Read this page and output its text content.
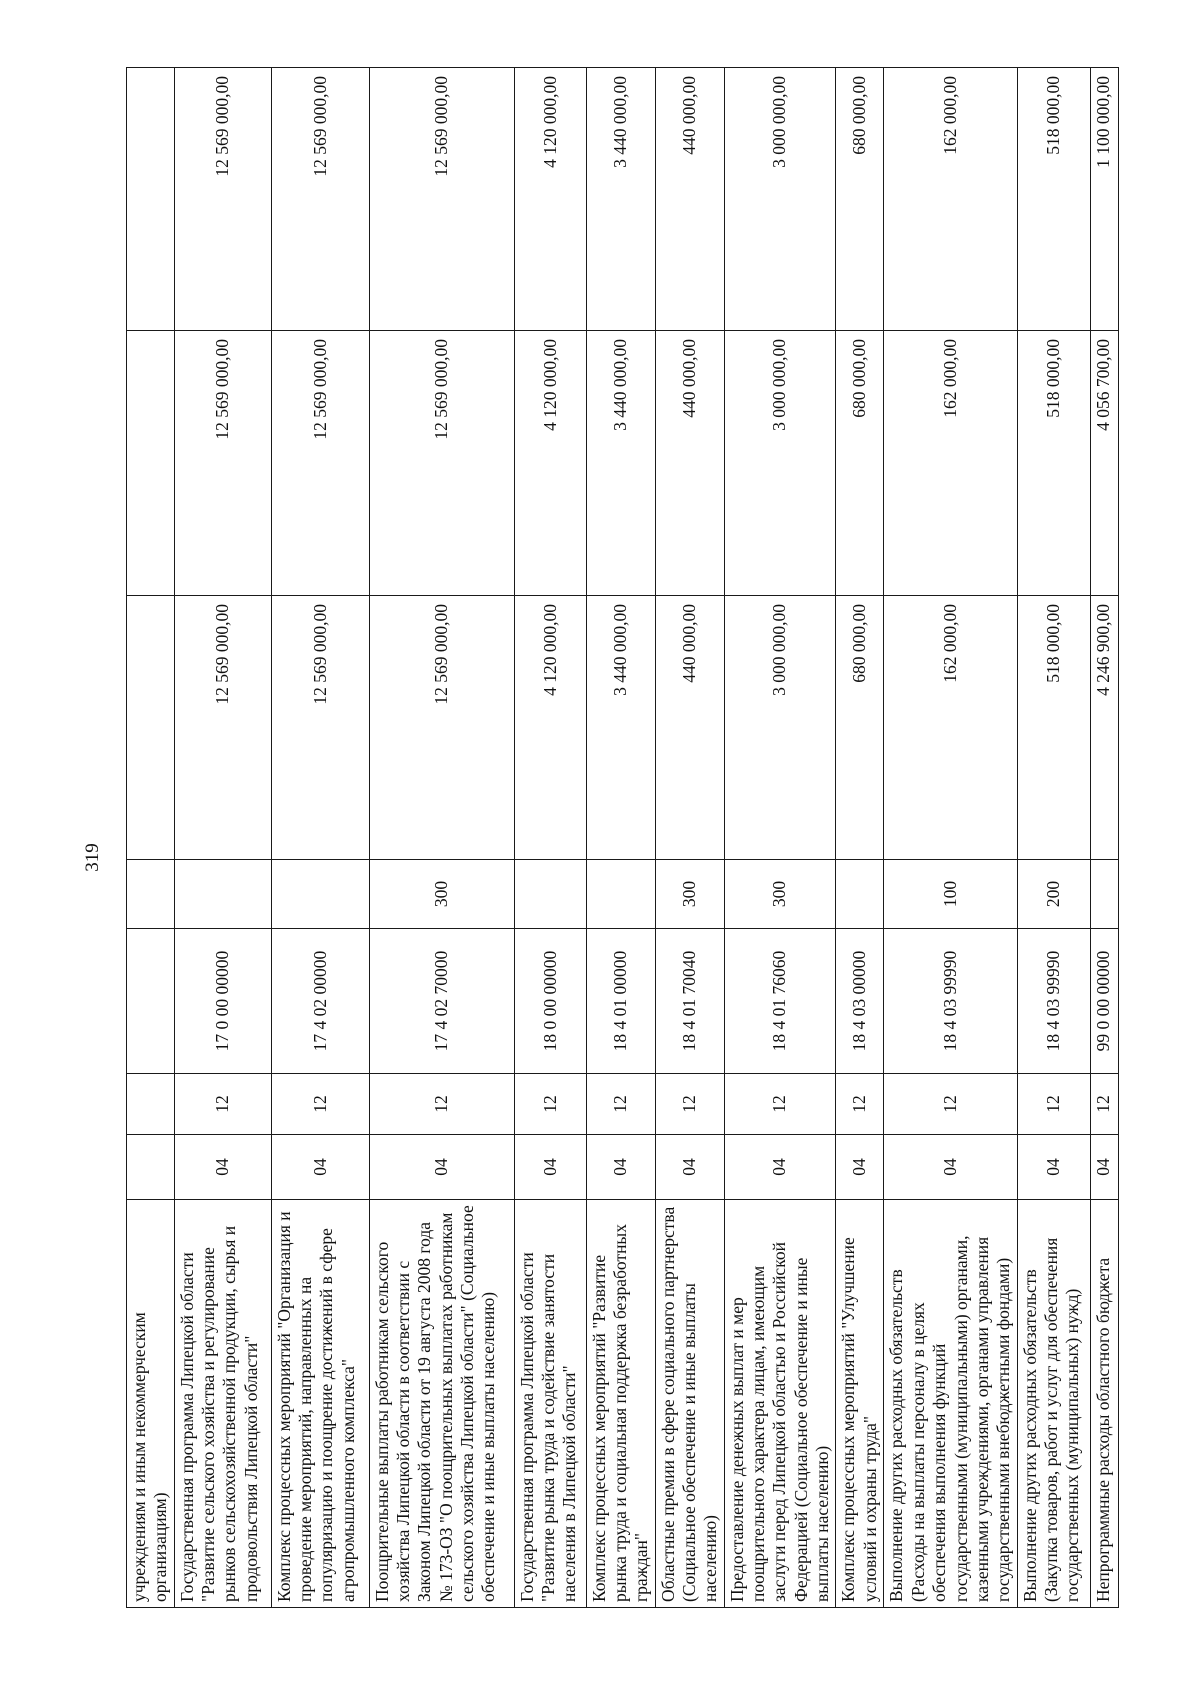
319
учреждениям и иным некоммерческим организациям)							
Государственная программа Липецкой области "Развитие сельского хозяйства и регулирование рынков сельскохозяйственной продукции, сырья и продовольствия Липецкой области"	04	12	17 0 00 00000		12 569 000,00	12 569 000,00	12 569 000,00
Комплекс процессных мероприятий "Организация и проведение мероприятий, направленных на популяризацию и поощрение достижений в сфере агропромышленного комплекса"	04	12	17 4 02 00000		12 569 000,00	12 569 000,00	12 569 000,00
Поощрительные выплаты работникам сельского хозяйства Липецкой области в соответствии с Законом Липецкой области от 19 августа 2008 года № 173-ОЗ "О поощрительных выплатах работникам сельского хозяйства Липецкой области" (Социальное обеспечение и иные выплаты населению)	04	12	17 4 02 70000	300	12 569 000,00	12 569 000,00	12 569 000,00
Государственная программа Липецкой области "Развитие рынка труда и содействие занятости населения в Липецкой области"	04	12	18 0 00 00000		4 120 000,00	4 120 000,00	4 120 000,00
Комплекс процессных мероприятий "Развитие рынка труда и социальная поддержка безработных граждан"	04	12	18 4 01 00000		3 440 000,00	3 440 000,00	3 440 000,00
Областные премии в сфере социального партнерства (Социальное обеспечение и иные выплаты населению)	04	12	18 4 01 70040	300	440 000,00	440 000,00	440 000,00
Предоставление денежных выплат и мер поощрительного характера лицам, имеющим заслуги перед Липецкой областью и Российской Федерацией (Социальное обеспечение и иные выплаты населению)	04	12	18 4 01 76060	300	3 000 000,00	3 000 000,00	3 000 000,00
Комплекс процессных мероприятий "Улучшение условий и охраны труда"	04	12	18 4 03 00000		680 000,00	680 000,00	680 000,00
Выполнение других расходных обязательств (Расходы на выплаты персоналу в целях обеспечения выполнения функций государственными (муниципальными) органами, казенными учреждениями, органами управления государственными внебюджетными фондами)	04	12	18 4 03 99990	100	162 000,00	162 000,00	162 000,00
Выполнение других расходных обязательств (Закупка товаров, работ и услуг для обеспечения государственных (муниципальных) нужд)	04	12	18 4 03 99990	200	518 000,00	518 000,00	518 000,00
Непрограммные расходы областного бюджета	04	12	99 0 00 00000		4 246 900,00	4 056 700,00	1 100 000,00
